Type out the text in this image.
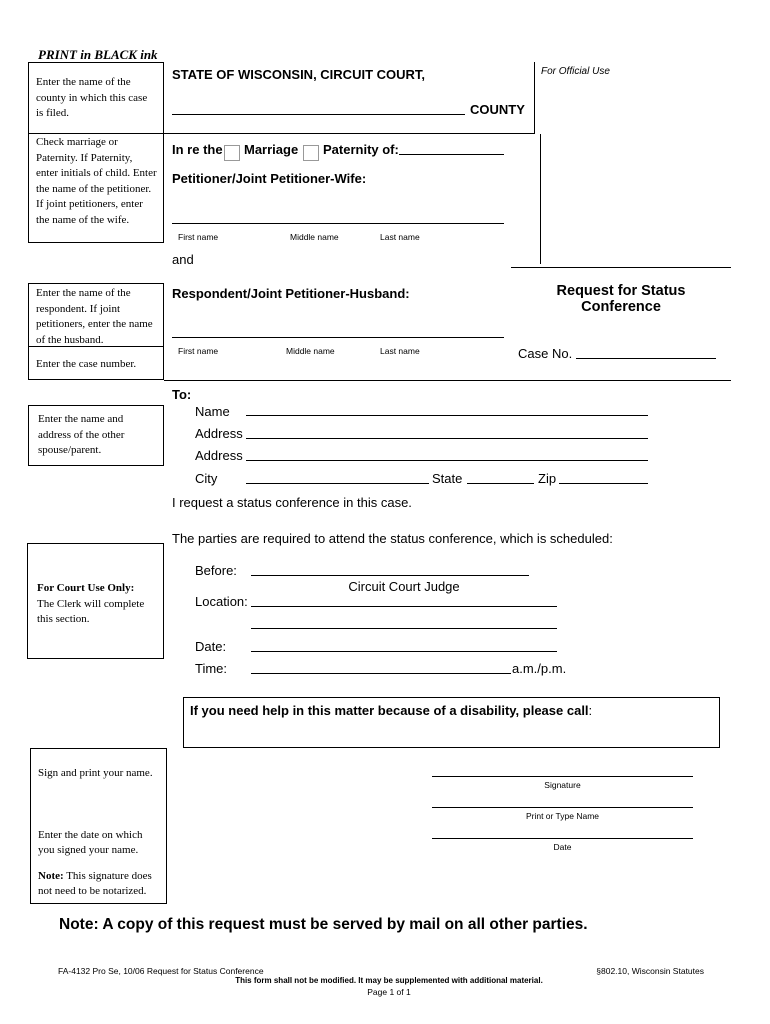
PRINT in BLACK ink
Enter the name of the county in which this case is filed.
Check marriage or Paternity. If Paternity, enter initials of child. Enter the name of the petitioner. If joint petitioners, enter the name of the wife.
Enter the name of the respondent. If joint petitioners, enter the name of the husband.
Enter the case number.
Enter the name and address of the other spouse/parent.
For Court Use Only:
The Clerk will complete this section.
Sign and print your name.
Enter the date on which you signed your name.
Note: This signature does not need to be notarized.
STATE OF WISCONSIN, CIRCUIT COURT,
COUNTY
For Official Use
In re the Marriage Paternity of:
Petitioner/Joint Petitioner-Wife:
First name	Middle name	Last name
and
Respondent/Joint Petitioner-Husband:
First name	Middle name	Last name
Request for Status
Conference
Case No.
To:
Name
Address
Address
City	State	Zip
I request a status conference in this case.
The parties are required to attend the status conference, which is scheduled:
Before:
Circuit Court Judge
Location:
Date:
Time:	a.m./p.m.
If you need help in this matter because of a disability, please call:
Signature
Print or Type Name
Date
Note: A copy of this request must be served by mail on all other parties.
FA-4132 Pro Se, 10/06 Request for Status Conference	§802.10, Wisconsin Statutes
This form shall not be modified. It may be supplemented with additional material.
Page 1 of 1
